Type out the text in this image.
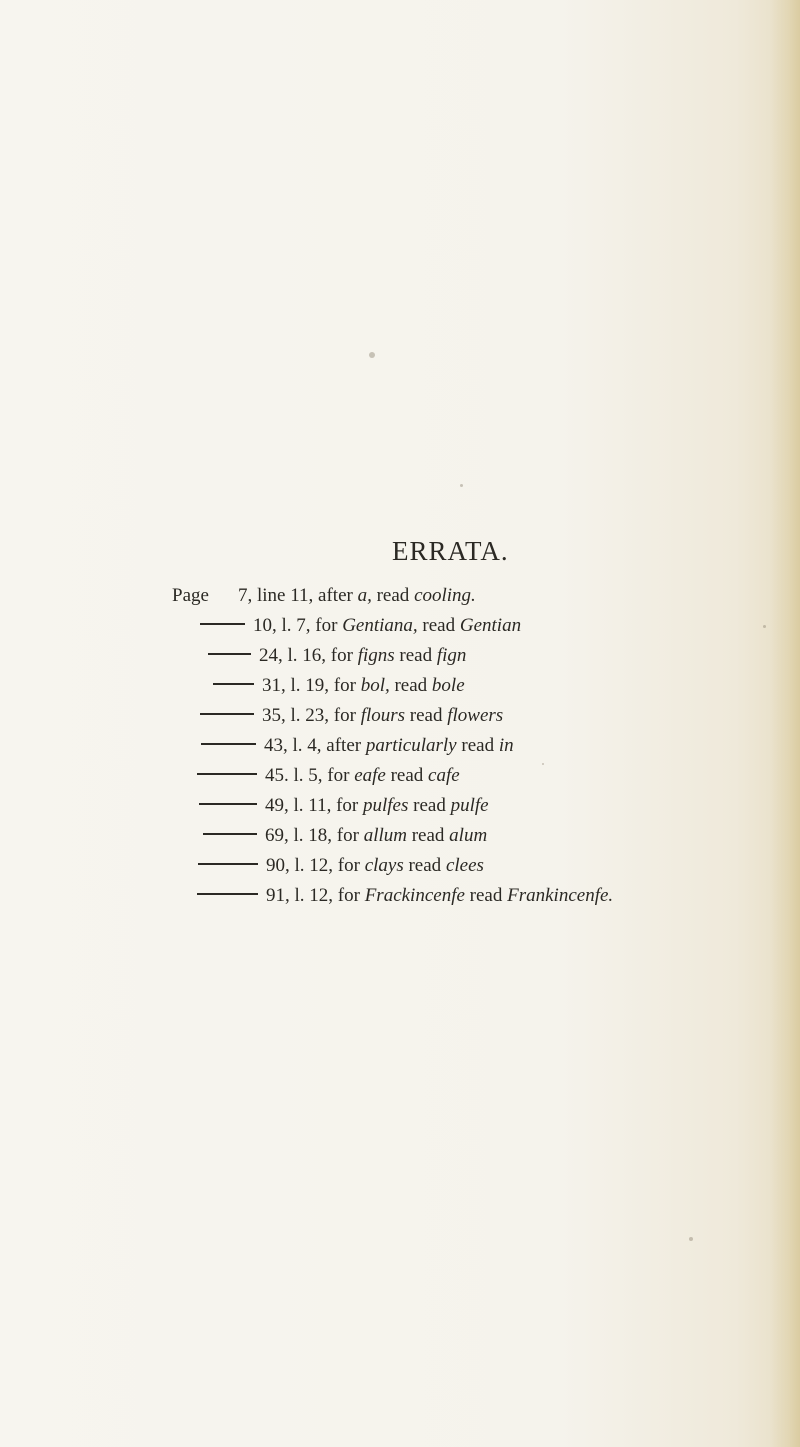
ERRATA.
Page	7,
line
11,
after
a,
read
cooling.
10,
l.
7,
for
Gentiana,
read
Gentian
24,
l.
16,
for
figns
read
fign
31,
l.
19,
for
bol,
read
bole
35,
l.
23,
for
flours
read
flowers
43,
l.
4,
after
particularly
read
in
45.
l.
5,
for
eafe
read
cafe
49,
l.
11,
for
pulfes
read
pulfe
69,
l.
18,
for
allum
read
alum
90,
l.
12,
for
clays
read
clees
91,
l.
12,
for
Frackincenfe
read
Frankincenfe.
